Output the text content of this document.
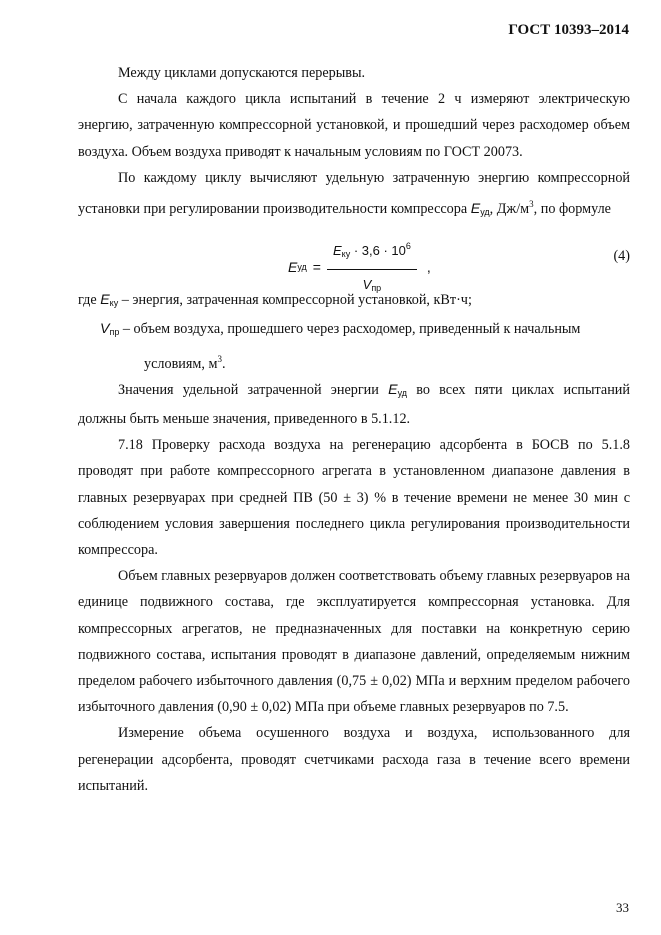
ГОСТ 10393–2014

Между циклами допускаются перерывы.

С начала каждого цикла испытаний в течение 2 ч измеряют электрическую энергию, затраченную компрессорной установкой, и прошедший через расходомер объем воздуха. Объем воздуха приводят к начальным условиям по ГОСТ 20073.

По каждому циклу вычисляют удельную затраченную энергию компрессорной установки при регулировании производительности компрессора $E_{уд}$, $Дж/м^3$, по формуле

E уд = $\frac{E_{ку} \cdot 3,6 \cdot 10^6}{V_{пр}}$ ,
(4)

где $E_{ку}$ – энергия, затраченная компрессорной установкой, кВт·ч;

$V_{пр}$ – объем воздуха, прошедшего через расходомер, приведенный к начальным

условиям, $м^3$.

Значения удельной затраченной энергии $E_{уд}$ во всех пяти циклах испытаний должны быть меньше значения, приведенного в 5.1.12.

7.18 Проверку расхода воздуха на регенерацию адсорбента в БОСВ по 5.1.8 проводят при работе компрессорного агрегата в установленном диапазоне давления в главных резервуарах при средней ПВ (50 ± 3) % в течение времени не менее 30 мин с соблюдением условия завершения последнего цикла регулирования производительности компрессора.

Объем главных резервуаров должен соответствовать объему главных резервуаров на единице подвижного состава, где эксплуатируется компрессорная установка. Для компрессорных агрегатов, не предназначенных для поставки на конкретную серию подвижного состава, испытания проводят в диапазоне давлений, определяемым нижним пределом рабочего избыточного давления (0,75 ± 0,02) МПа и верхним пределом рабочего избыточного давления (0,90 ± 0,02) МПа при объеме главных резервуаров по 7.5.

Измерение объема осушенного воздуха и воздуха, использованного для регенерации адсорбента, проводят счетчиками расхода газа в течение всего времени испытаний.

33
